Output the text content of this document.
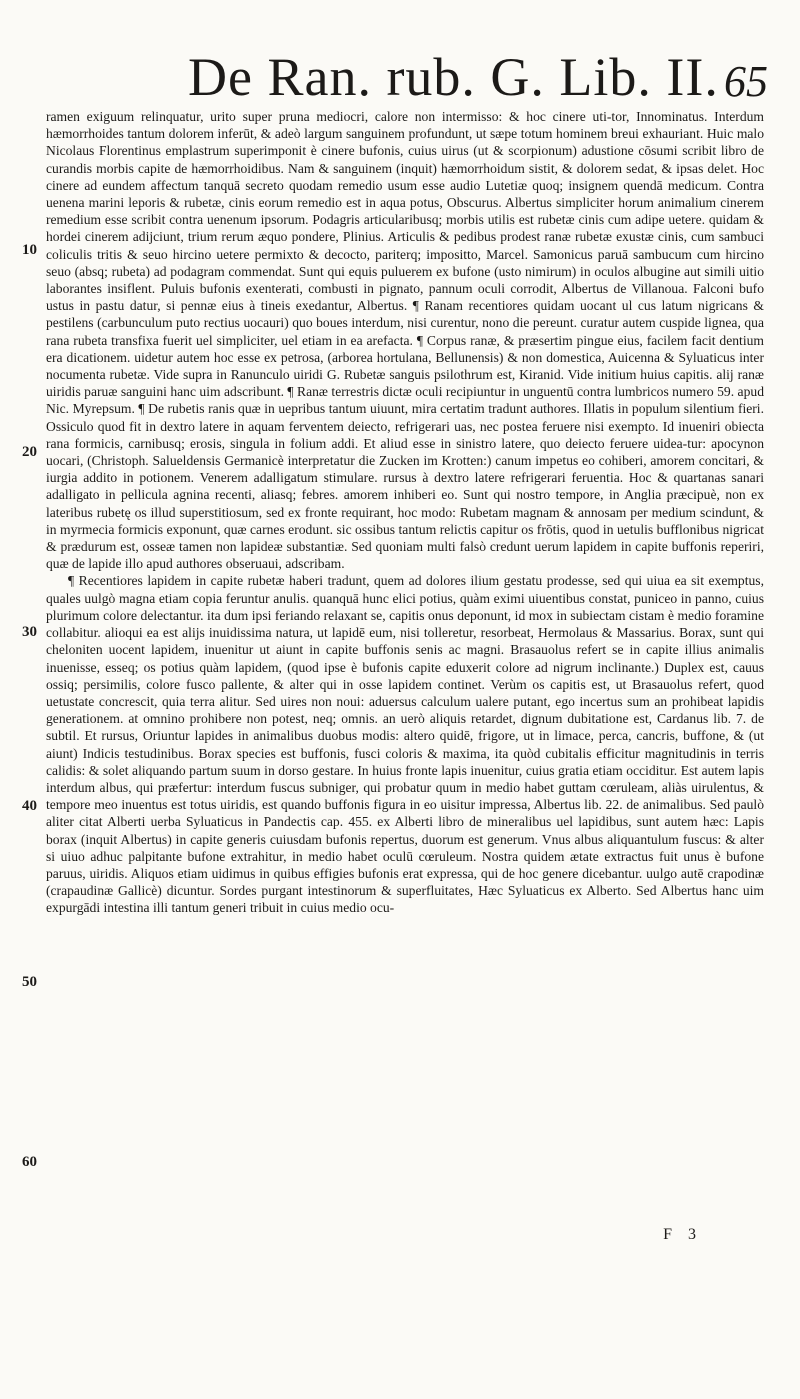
De Ran. rub. G. Lib. II. 65
10
20
30
40
50
60

ramen exiguum relinquatur, urito super pruna mediocri, calore non intermisso: & hoc cinere uti-tor, Innominatus. Interdum hæmorrhoides tantum dolorem inferūt, & adeò largum sanguinem profundunt, ut sæpe totum hominem breui exhauriant. Huic malo Nicolaus Florentinus emplastrum superimponit è cinere bufonis, cuius uirus (ut & scorpionum) adustione cōsumi scribit libro de curandis morbis capite de hæmorrhoidibus. Nam & sanguinem (inquit) hæmorrhoidum sistit, & dolorem sedat, & ipsas delet. Hoc cinere ad eundem affectum tanquā secreto quodam remedio usum esse audio Lutetiæ quoq; insignem quendā medicum. Contra uenena marini leporis & rubetæ, cinis eorum remedio est in aqua potus, Obscurus. Albertus simpliciter horum animalium cinerem remedium esse scribit contra uenenum ipsorum. Podagris articularibusq; morbis utilis est rubetæ cinis cum adipe uetere. quidam & hordei cinerem adijciunt, trium rerum æquo pondere, Plinius. Articulis & pedibus prodest ranæ rubetæ exustæ cinis, cum sambuci coliculis tritis & seuo hircino uetere permixto & decocto, pariterq; impositto, Marcel. Samonicus paruā sambucum cum hircino seuo (absq; rubeta) ad podagram commendat. Sunt qui equis puluerem ex bufone (usto nimirum) in oculos albugine aut simili uitio laborantes insiflent. Puluis bufonis exenterati, combusti in pignato, pannum oculi corrodit, Albertus de Villanoua. Falconi bufo ustus in pastu datur, si pennæ eius à tineis exedantur, Albertus. ¶ Ranam recentiores quidam uocant ul cus latum nigricans & pestilens (carbunculum puto rectius uocauri) quo boues interdum, nisi curentur, nono die pereunt. curatur autem cuspide lignea, qua rana rubeta transfixa fuerit uel simpliciter, uel etiam in ea arefacta. ¶ Corpus ranæ, & præsertim pingue eius, facilem facit dentium era dicationem. uidetur autem hoc esse ex petrosa, (arborea hortulana, Bellunensis) & non domestica, Auicenna & Syluaticus inter nocumenta rubetæ. Vide supra in Ranunculo uiridi G. Rubetæ sanguis psilothrum est, Kiranid. Vide initium huius capitis. alij ranæ uiridis paruæ sanguini hanc uim adscribunt. ¶ Ranæ terrestris dictæ oculi recipiuntur in unguentū contra lumbricos numero 59. apud Nic. Myrepsum. ¶ De rubetis ranis quæ in uepribus tantum uiuunt, mira certatim tradunt authores. Illatis in populum silentium fieri. Ossiculo quod fit in dextro latere in aquam ferventem deiecto, refrigerari uas, nec postea feruere nisi exempto. Id inueniri obiecta rana formicis, carnibusq; erosis, singula in folium addi. Et aliud esse in sinistro latere, quo deiecto feruere uidea-tur: apocynon uocari, (Christoph. Salueldensis Germanicè interpretatur die Zucken im Krotten:) canum impetus eo cohiberi, amorem concitari, & iurgia addito in potionem. Venerem adalligatum stimulare. rursus à dextro latere refrigerari feruentia. Hoc & quartanas sanari adalligato in pellicula agnina recenti, aliasq; febres. amorem inhiberi eo. Sunt qui nostro tempore, in Anglia præcipuè, non ex lateribus rubetę os illud superstitiosum, sed ex fronte requirant, hoc modo: Rubetam magnam & annosam per medium scindunt, & in myrmecia formicis exponunt, quæ carnes erodunt. sic ossibus tantum relictis capitur os frōtis, quod in uetulis bufflonibus nigricat & prædurum est, osseæ tamen non lapideæ substantiæ. Sed quoniam multi falsò credunt uerum lapidem in capite buffonis reperiri, quæ de lapide illo apud authores obseruaui, adscribam.

¶ Recentiores lapidem in capite rubetæ haberi tradunt, quem ad dolores ilium gestatu prodesse, sed qui uiua ea sit exemptus, quales uulgò magna etiam copia feruntur anulis. quanquā hunc elici potius, quàm eximi uiuentibus constat, puniceo in panno, cuius plurimum colore delectantur. ita dum ipsi feriando relaxant se, capitis onus deponunt, id mox in subiectam cistam è medio foramine collabitur. alioqui ea est alijs inuidissima natura, ut lapidē eum, nisi tolleretur, resorbeat, Hermolaus & Massarius. Borax, sunt qui cheloniten uocent lapidem, inuenitur ut aiunt in capite buffonis senis ac magni. Brasauolus refert se in capite illius animalis inuenisse, esseq; os potius quàm lapidem, (quod ipse è bufonis capite eduxerit colore ad nigrum inclinante.) Duplex est, cauus ossiq; persimilis, colore fusco pallente, & alter qui in osse lapidem continet. Verùm os capitis est, ut Brasauolus refert, quod uetustate concrescit, quia terra alitur. Sed uires non noui: aduersus calculum ualere putant, ego incertus sum an prohibeat lapidis generationem. at omnino prohibere non potest, neq; omnis. an uerò aliquis retardet, dignum dubitatione est, Cardanus lib. 7. de subtil. Et rursus, Oriuntur lapides in animalibus duobus modis: altero quidē, frigore, ut in limace, perca, cancris, buffone, & (ut aiunt) Indicis testudinibus. Borax species est buffonis, fusci coloris & maxima, ita quòd cubitalis efficitur magnitudinis in terris calidis: & solet aliquando partum suum in dorso gestare. In huius fronte lapis inuenitur, cuius gratia etiam occiditur. Est autem lapis interdum albus, qui præfertur: interdum fuscus subniger, qui probatur quum in medio habet guttam cœruleam, aliàs uirulentus, & tempore meo inuentus est totus uiridis, est quando buffonis figura in eo uisitur impressa, Albertus lib. 22. de animalibus. Sed paulò aliter citat Alberti uerba Syluaticus in Pandectis cap. 455. ex Alberti libro de mineralibus uel lapidibus, sunt autem hæc: Lapis borax (inquit Albertus) in capite generis cuiusdam bufonis repertus, duorum est generum. Vnus albus aliquantulum fuscus: & alter si uiuo adhuc palpitante bufone extrahitur, in medio habet oculū cœruleum. Nostra quidem ætate extractus fuit unus è bufone paruus, uiridis. Aliquos etiam uidimus in quibus effigies bufonis erat expressa, qui de hoc genere dicebantur. uulgo autē crapodinæ (crapaudinæ Gallicè) dicuntur. Sordes purgant intestinorum & superfluitates, Hæc Syluaticus ex Albertо. Sed Albertus hanc uim expurgādi intestina illi tantum generi tribuit in cuius medio ocu-

F 3
